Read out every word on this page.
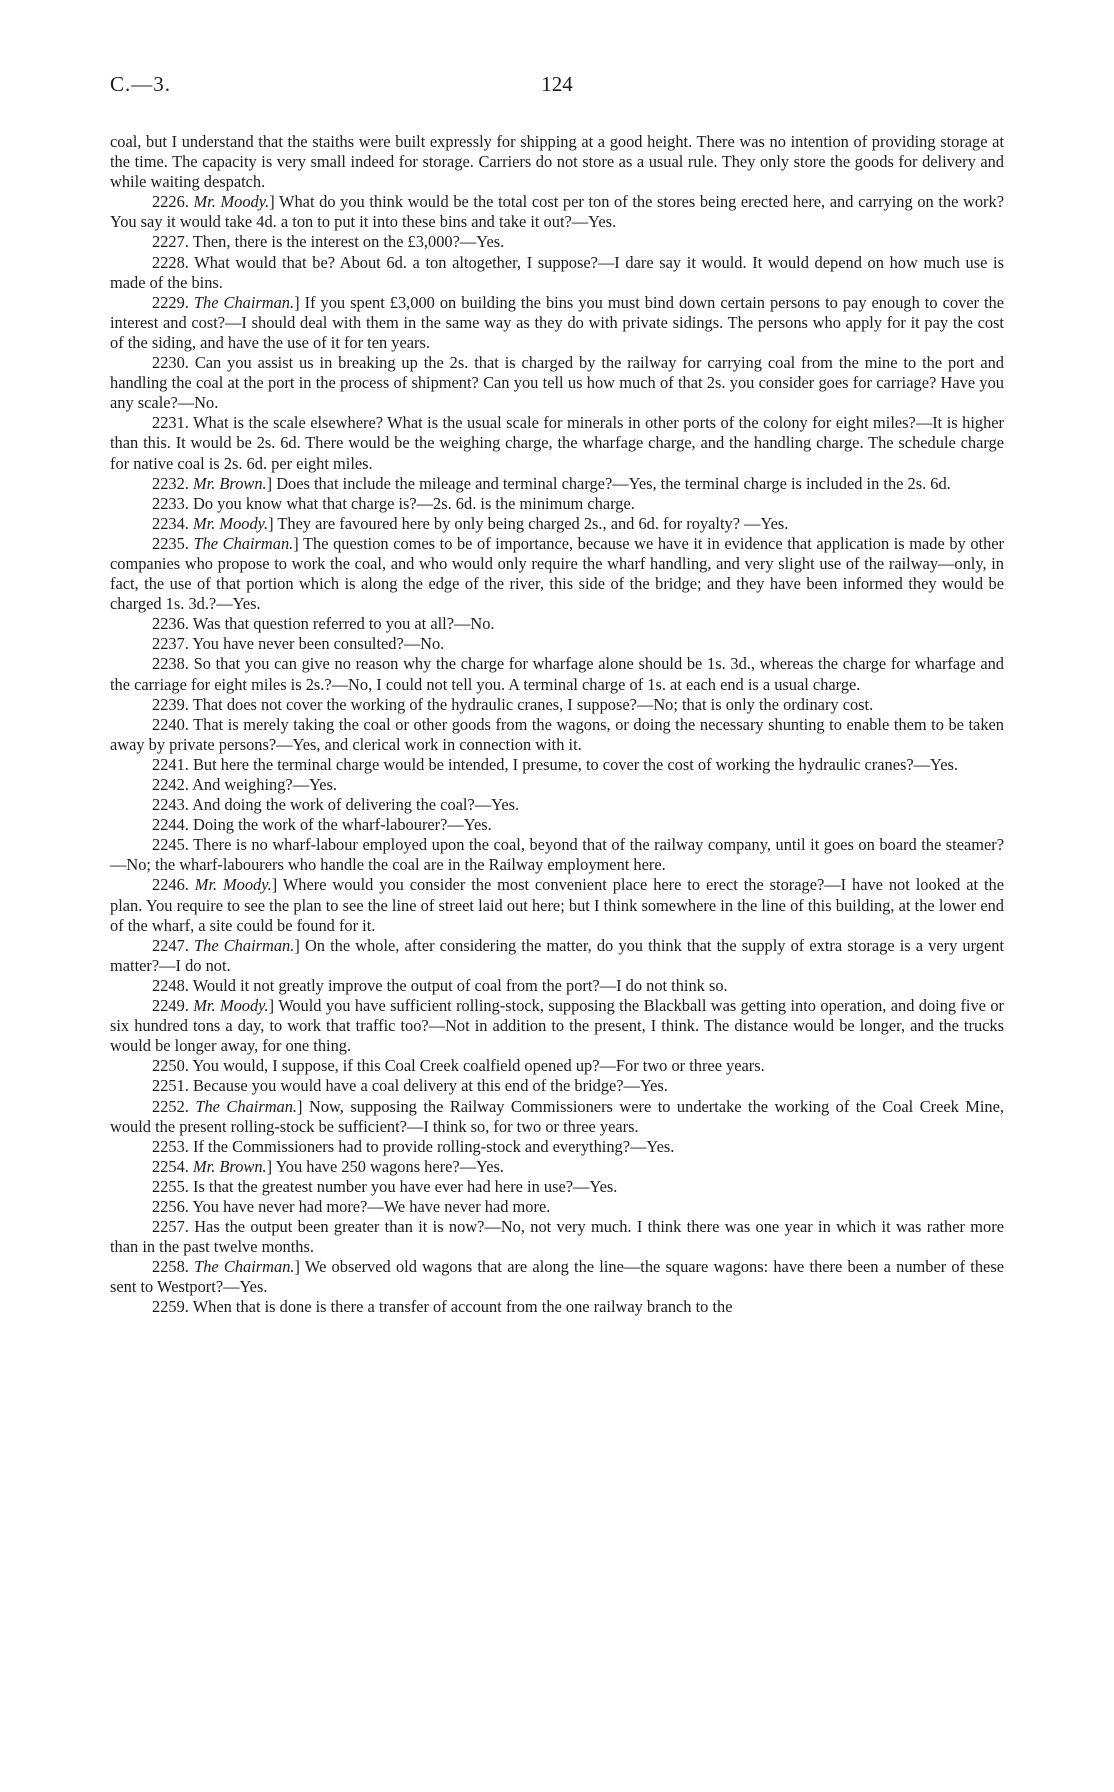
C.—3.	124

coal, but I understand that the staiths were built expressly for shipping at a good height. There was no intention of providing storage at the time. The capacity is very small indeed for storage. Carriers do not store as a usual rule. They only store the goods for delivery and while waiting despatch.

2226. Mr. Moody.] What do you think would be the total cost per ton of the stores being erected here, and carrying on the work? You say it would take 4d. a ton to put it into these bins and take it out?—Yes.

2227. Then, there is the interest on the £3,000?—Yes.

2228. What would that be? About 6d. a ton altogether, I suppose?—I dare say it would. It would depend on how much use is made of the bins.

2229. The Chairman.] If you spent £3,000 on building the bins you must bind down certain persons to pay enough to cover the interest and cost?—I should deal with them in the same way as they do with private sidings. The persons who apply for it pay the cost of the siding, and have the use of it for ten years.

2230. Can you assist us in breaking up the 2s. that is charged by the railway for carrying coal from the mine to the port and handling the coal at the port in the process of shipment? Can you tell us how much of that 2s. you consider goes for carriage? Have you any scale?—No.

2231. What is the scale elsewhere? What is the usual scale for minerals in other ports of the colony for eight miles?—It is higher than this. It would be 2s. 6d. There would be the weighing charge, the wharfage charge, and the handling charge. The schedule charge for native coal is 2s. 6d. per eight miles.

2232. Mr. Brown.] Does that include the mileage and terminal charge?—Yes, the terminal charge is included in the 2s. 6d.

2233. Do you know what that charge is?—2s. 6d. is the minimum charge.

2234. Mr. Moody.] They are favoured here by only being charged 2s., and 6d. for royalty? —Yes.

2235. The Chairman.] The question comes to be of importance, because we have it in evidence that application is made by other companies who propose to work the coal, and who would only require the wharf handling, and very slight use of the railway—only, in fact, the use of that portion which is along the edge of the river, this side of the bridge; and they have been informed they would be charged 1s. 3d.?—Yes.

2236. Was that question referred to you at all?—No.

2237. You have never been consulted?—No.

2238. So that you can give no reason why the charge for wharfage alone should be 1s. 3d., whereas the charge for wharfage and the carriage for eight miles is 2s.?—No, I could not tell you. A terminal charge of 1s. at each end is a usual charge.

2239. That does not cover the working of the hydraulic cranes, I suppose?—No; that is only the ordinary cost.

2240. That is merely taking the coal or other goods from the wagons, or doing the necessary shunting to enable them to be taken away by private persons?—Yes, and clerical work in connection with it.

2241. But here the terminal charge would be intended, I presume, to cover the cost of working the hydraulic cranes?—Yes.

2242. And weighing?—Yes.

2243. And doing the work of delivering the coal?—Yes.

2244. Doing the work of the wharf-labourer?—Yes.

2245. There is no wharf-labour employed upon the coal, beyond that of the railway company, until it goes on board the steamer?—No; the wharf-labourers who handle the coal are in the Railway employment here.

2246. Mr. Moody.] Where would you consider the most convenient place here to erect the storage?—I have not looked at the plan. You require to see the plan to see the line of street laid out here; but I think somewhere in the line of this building, at the lower end of the wharf, a site could be found for it.

2247. The Chairman.] On the whole, after considering the matter, do you think that the supply of extra storage is a very urgent matter?—I do not.

2248. Would it not greatly improve the output of coal from the port?—I do not think so.

2249. Mr. Moody.] Would you have sufficient rolling-stock, supposing the Blackball was getting into operation, and doing five or six hundred tons a day, to work that traffic too?—Not in addition to the present, I think. The distance would be longer, and the trucks would be longer away, for one thing.

2250. You would, I suppose, if this Coal Creek coalfield opened up?—For two or three years.

2251. Because you would have a coal delivery at this end of the bridge?—Yes.

2252. The Chairman.] Now, supposing the Railway Commissioners were to undertake the working of the Coal Creek Mine, would the present rolling-stock be sufficient?—I think so, for two or three years.

2253. If the Commissioners had to provide rolling-stock and everything?—Yes.

2254. Mr. Brown.] You have 250 wagons here?—Yes.

2255. Is that the greatest number you have ever had here in use?—Yes.

2256. You have never had more?—We have never had more.

2257. Has the output been greater than it is now?—No, not very much. I think there was one year in which it was rather more than in the past twelve months.

2258. The Chairman.] We observed old wagons that are along the line—the square wagons: have there been a number of these sent to Westport?—Yes.

2259. When that is done is there a transfer of account from the one railway branch to the
